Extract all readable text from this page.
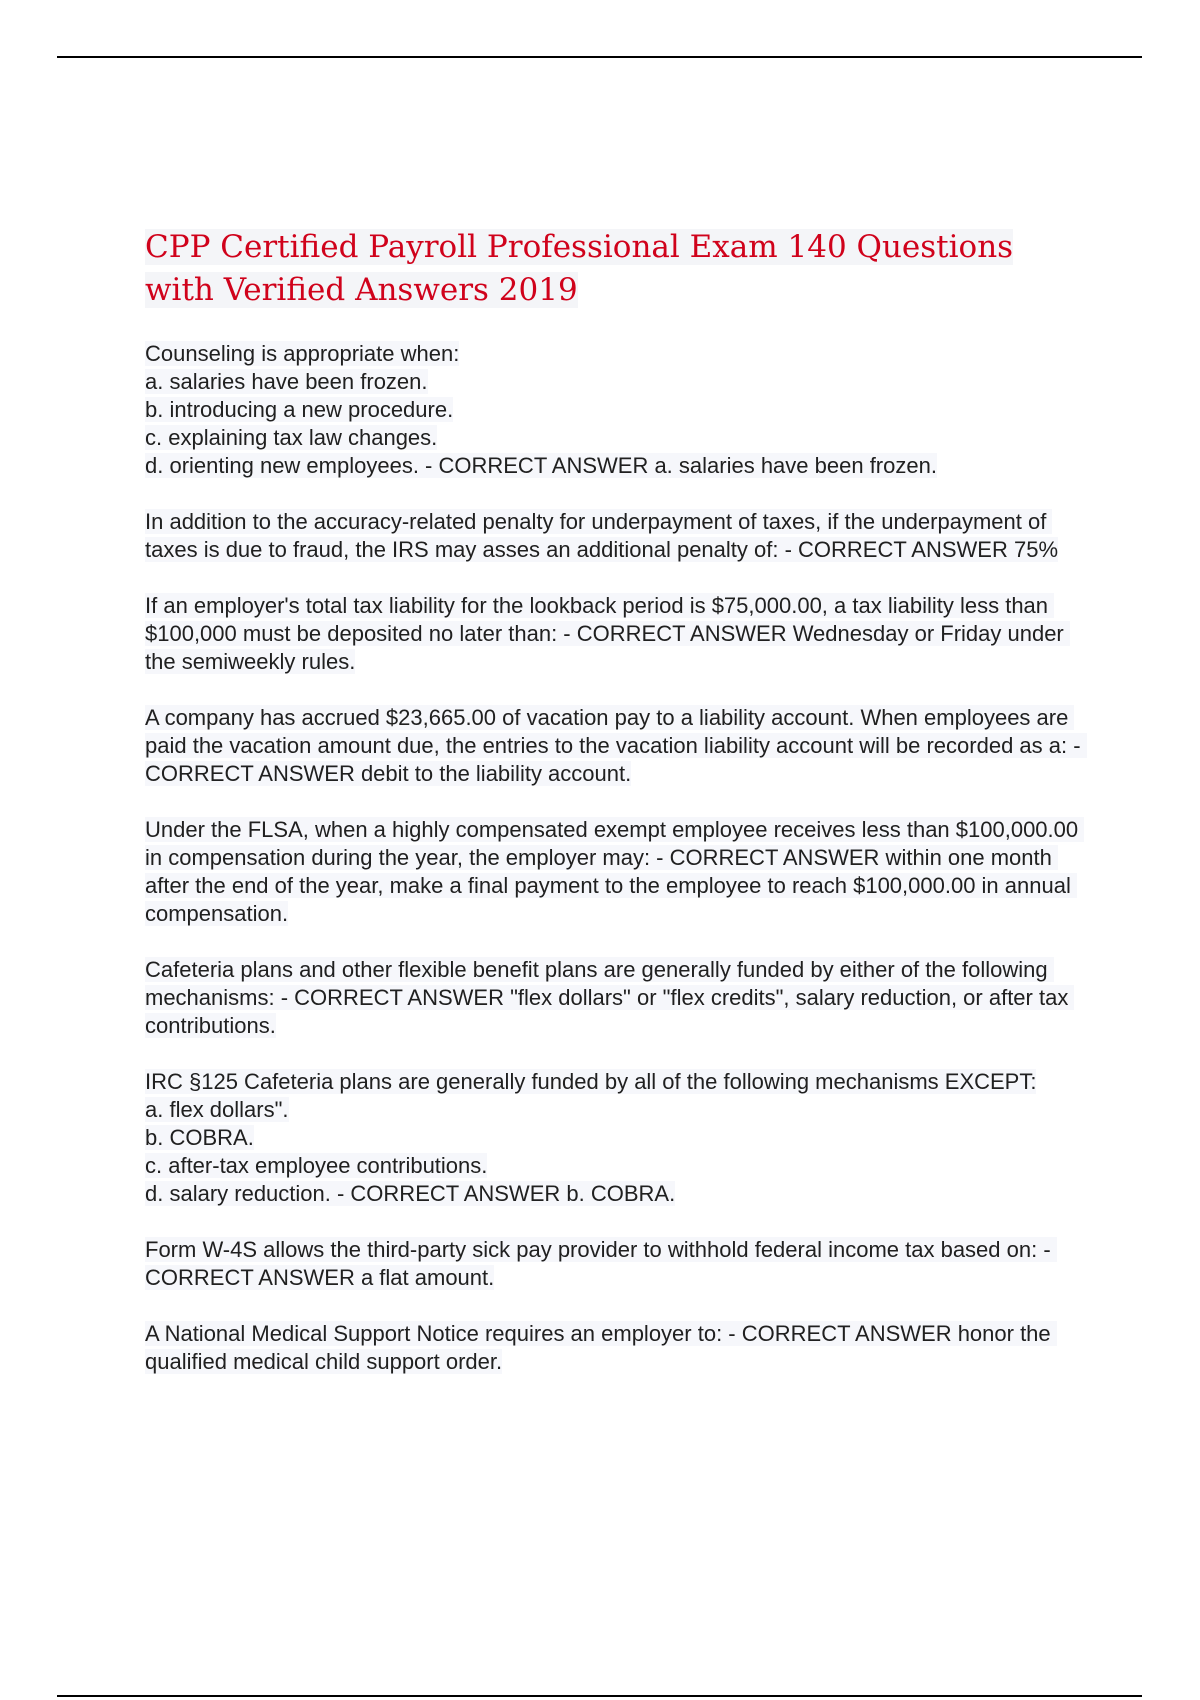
CPP Certified Payroll Professional Exam 140 Questions with Verified Answers 2019
Counseling is appropriate when:
a. salaries have been frozen.
b. introducing a new procedure.
c. explaining tax law changes.
d. orienting new employees. - CORRECT ANSWER a. salaries have been frozen.
In addition to the accuracy-related penalty for underpayment of taxes, if the underpayment of taxes is due to fraud, the IRS may asses an additional penalty of: - CORRECT ANSWER 75%
If an employer's total tax liability for the lookback period is $75,000.00, a tax liability less than $100,000 must be deposited no later than: - CORRECT ANSWER Wednesday or Friday under the semiweekly rules.
A company has accrued $23,665.00 of vacation pay to a liability account. When employees are paid the vacation amount due, the entries to the vacation liability account will be recorded as a: - CORRECT ANSWER debit to the liability account.
Under the FLSA, when a highly compensated exempt employee receives less than $100,000.00 in compensation during the year, the employer may: - CORRECT ANSWER within one month after the end of the year, make a final payment to the employee to reach $100,000.00 in annual compensation.
Cafeteria plans and other flexible benefit plans are generally funded by either of the following mechanisms: - CORRECT ANSWER "flex dollars" or "flex credits", salary reduction, or after tax contributions.
IRC §125 Cafeteria plans are generally funded by all of the following mechanisms EXCEPT:
a. flex dollars".
b. COBRA.
c. after-tax employee contributions.
d. salary reduction. - CORRECT ANSWER b. COBRA.
Form W-4S allows the third-party sick pay provider to withhold federal income tax based on: - CORRECT ANSWER a flat amount.
A National Medical Support Notice requires an employer to: - CORRECT ANSWER honor the qualified medical child support order.
